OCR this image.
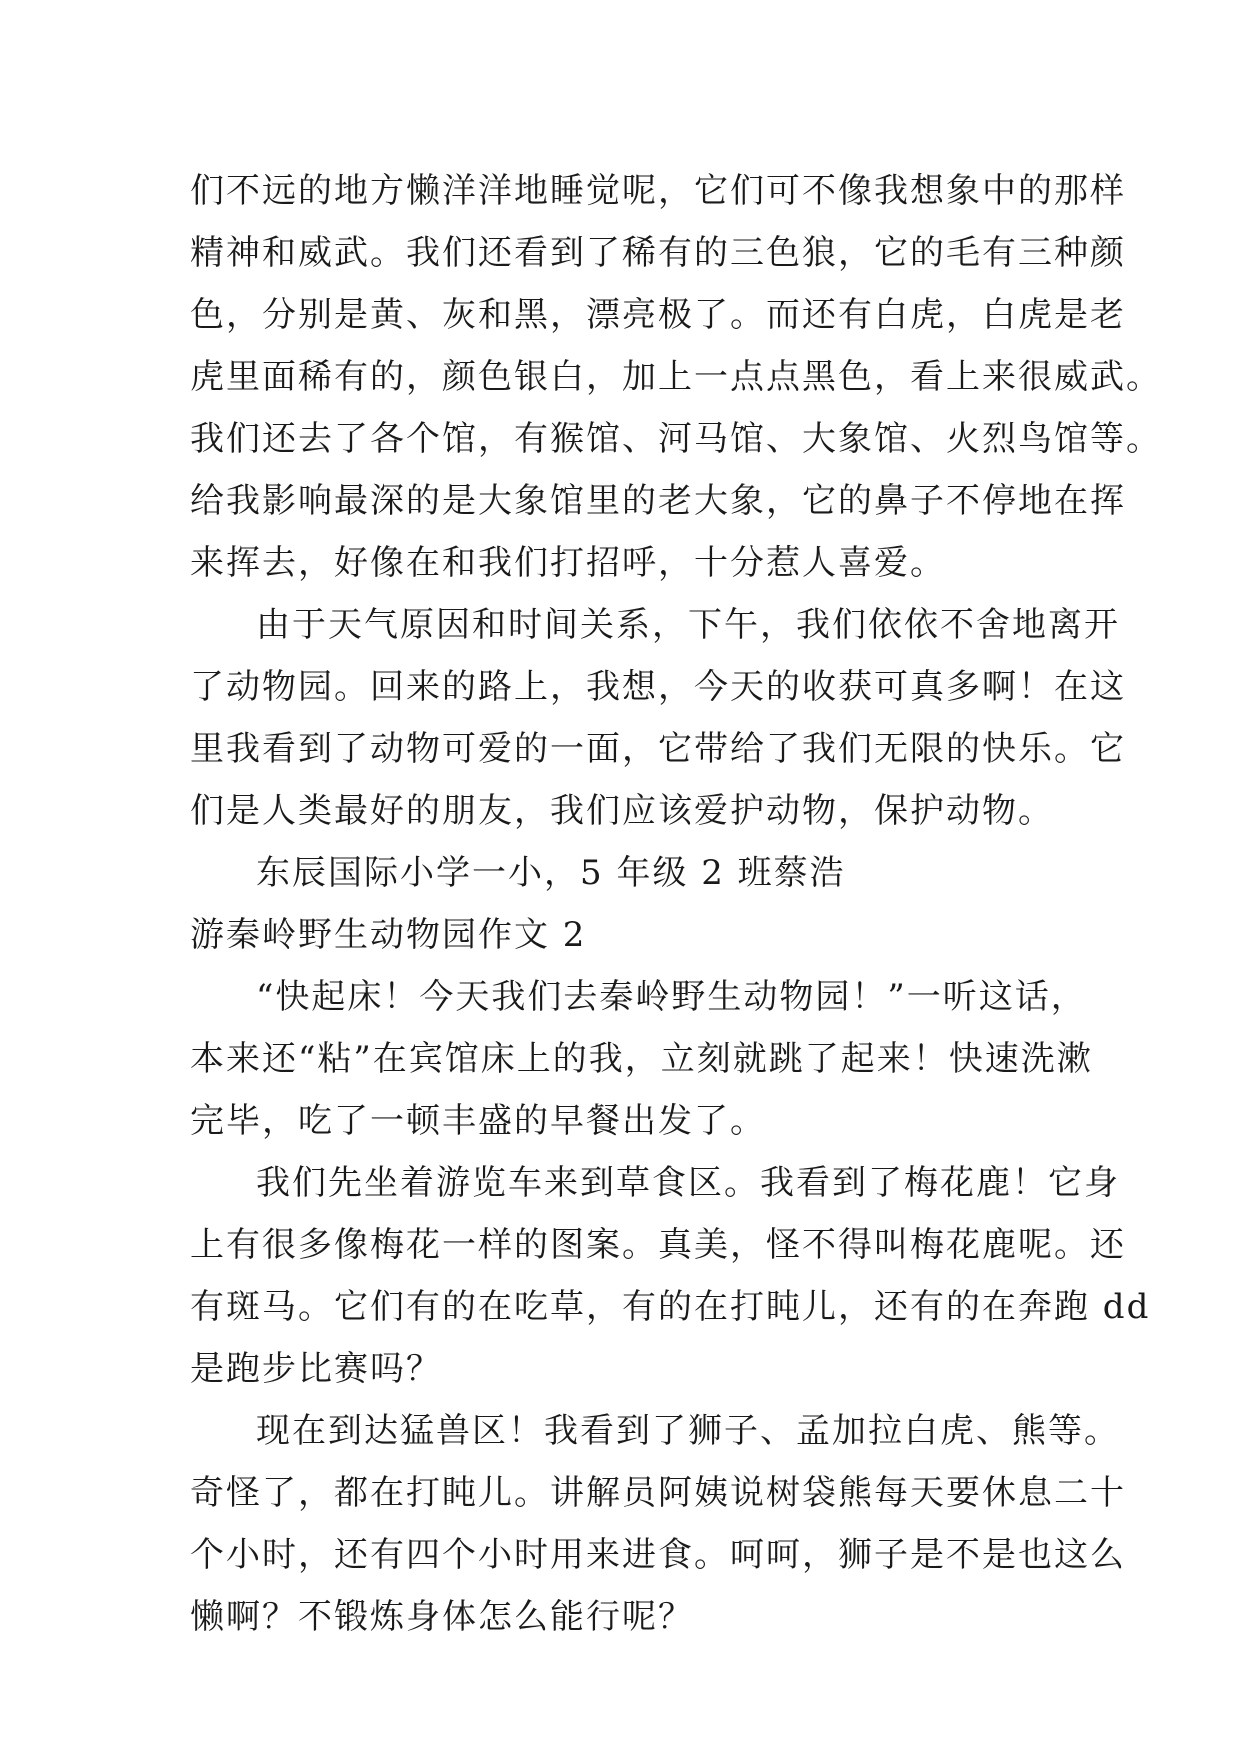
们不远的地方懒洋洋地睡觉呢，它们可不像我想象中的那样
精神和威武。我们还看到了稀有的三色狼，它的毛有三种颜
色，分别是黄、灰和黑，漂亮极了。而还有白虎，白虎是老
虎里面稀有的，颜色银白，加上一点点黑色，看上来很威武。
我们还去了各个馆，有猴馆、河马馆、大象馆、火烈鸟馆等。
给我影响最深的是大象馆里的老大象，它的鼻子不停地在挥
来挥去，好像在和我们打招呼，十分惹人喜爱。
由于天气原因和时间关系，下午，我们依依不舍地离开
了动物园。回来的路上，我想，今天的收获可真多啊！在这
里我看到了动物可爱的一面，它带给了我们无限的快乐。它
们是人类最好的朋友，我们应该爱护动物，保护动物。
东辰国际小学一小，5 年级 2 班蔡浩
游秦岭野生动物园作文 2
“快起床！今天我们去秦岭野生动物园！”一听这话，
本来还“粘”在宾馆床上的我，立刻就跳了起来！快速洗漱
完毕，吃了一顿丰盛的早餐出发了。
我们先坐着游览车来到草食区。我看到了梅花鹿！它身
上有很多像梅花一样的图案。真美，怪不得叫梅花鹿呢。还
有斑马。它们有的在吃草，有的在打盹儿，还有的在奔跑 dd
是跑步比赛吗？
现在到达猛兽区！我看到了狮子、孟加拉白虎、熊等。
奇怪了，都在打盹儿。讲解员阿姨说树袋熊每天要休息二十
个小时，还有四个小时用来进食。呵呵，狮子是不是也这么
懒啊？不锻炼身体怎么能行呢？
